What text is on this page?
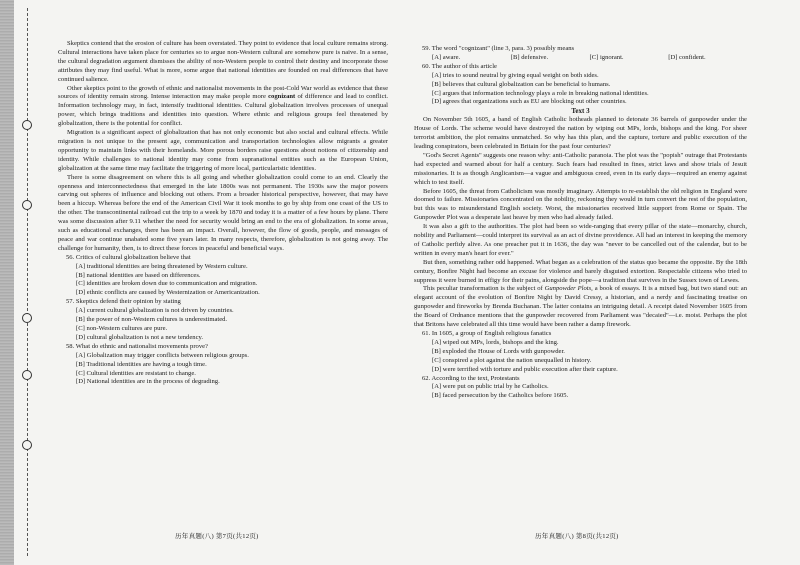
Skeptics contend that the erosion of culture has been overstated. They point to evidence that local culture remains strong. Cultural interactions have taken place for centuries so to argue non-Western cultural are somehow pure is naive. In a sense, the cultural degradation argument dismisses the ability of non-Western people to control their destiny and incorporate those attributes they may find useful. What is more, some argue that national identities are founded on real differences that have continued salience.

Other skeptics point to the growth of ethnic and nationalist movements in the post-Cold War world as evidence that these sources of identity remain strong. Intense interaction may make people more cognizant of difference and lead to conflict. Information technology may, in fact, intensify traditional identities. Cultural globalization involves processes of unequal power, which brings traditions and identities into question. Where ethnic and religious groups feel threatened by globalization, there is the potential for conflict.

Migration is a significant aspect of globalization that has not only economic but also social and cultural effects. While migration is not unique to the present age, communication and transportation technologies allow migrants a greater opportunity to maintain links with their homelands. More porous borders raise questions about notions of citizenship and identity. While challenges to national identity may come from supranational entities such as the European Union, globalization at the same time may facilitate the triggering of more local, particularistic identities.

There is some disagreement on where this is all going and whether globalization could come to an end. Clearly the openness and interconnectedness that emerged in the late 1800s was not permanent. The 1930s saw the major powers carving out spheres of influence and blocking out others. From a broader historical perspective, however, that may have been a hiccup. Whereas before the end of the American Civil War it took months to go by ship from one coast of the US to the other. The transcontinental railroad cut the trip to a week by 1870 and today it is a matter of a few hours by plane. There was some discussion after 9.11 whether the need for security would bring an end to the era of globalization. In some areas, such as educational exchanges, there has been an impact. Overall, however, the flow of goods, people, and messages of peace and war continue unabated some five years later. In many respects, therefore, globalization is not going away. The challenge for humanity, then, is to direct these forces in peaceful and beneficial ways.

56. Critics of cultural globalization believe that

[A] traditional identities are being threatened by Western culture.

[B] national identities are based on differences.

[C] identities are broken down due to communication and migration.

[D] ethnic conflicts are caused by Westernization or Americanization.

57. Skeptics defend their opinion by stating

[A] current cultural globalization is not driven by countries.

[B] the power of non-Western cultures is underestimated.

[C] non-Western cultures are pure.

[D] cultural globalization is not a new tendency.

58. What do ethnic and nationalist movements prove?

[A] Globalization may trigger conflicts between religious groups.

[B] Traditional identities are having a tough time.

[C] Cultural identities are resistant to change.

[D] National identities are in the process of degrading.

59. The word "cognizant" (line 3, para. 3) possibly means

[A] aware.	[B] defensive.	[C] ignorant.	[D] confident.

60. The author of this article

[A] tries to sound neutral by giving equal weight on both sides.

[B] believes that cultural globalization can be beneficial to humans.

[C] argues that information technology plays a role in breaking national identities.

[D] agrees that organizations such as EU are blocking out other countries.

Text 3

On November 5th 1605, a band of English Catholic hotheads planned to detonate 36 barrels of gunpowder under the House of Lords. The scheme would have destroyed the nation by wiping out MPs, lords, bishops and the king. For sheer terrorist ambition, the plot remains unmatched. So why has this plan, and the capture, torture and public execution of the leading conspirators, been celebrated in Britain for the past four centuries?

"God's Secret Agents" suggests one reason why: anti-Catholic paranoia. The plot was the "popish" outrage that Protestants had expected and warned about for half a century. Such fears had resulted in fines, strict laws and show trials of Jesuit missionaries. It is as though Anglicanism—a vague and ambiguous creed, even in its early days—required an enemy against which to test itself.

Before 1605, the threat from Catholicism was mostly imaginary. Attempts to re-establish the old religion in England were doomed to failure. Missionaries concentrated on the nobility, reckoning they would in turn convert the rest of the population, but this was to misunderstand English society. Worst, the missionaries received little support from Rome or Spain. The Gunpowder Plot was a desperate last heave by men who had already failed.

It was also a gift to the authorities. The plot had been so wide-ranging that every pillar of the state—monarchy, church, nobility and Parliament—could interpret its survival as an act of divine providence. All had an interest in keeping the memory of Catholic perfidy alive. As one preacher put it in 1636, the day was "never to be cancelled out of the calendar, but to be written in every man's heart for ever."

But then, something rather odd happened. What began as a celebration of the status quo became the opposite. By the 18th century, Bonfire Night had become an excuse for violence and barely disguised extortion. Respectable citizens who tried to suppress it were burned in effigy for their pains, alongside the pope—a tradition that survives in the Sussex town of Lewes.

This peculiar transformation is the subject of Gunpowder Plots, a book of essays. It is a mixed bag, but two stand out: an elegant account of the evolution of Bonfire Night by David Cressy, a historian, and a nerdy and fascinating treatise on gunpowder and fireworks by Brenda Buchanan. The latter contains an intriguing detail. A receipt dated November 1605 from the Board of Ordnance mentions that the gunpowder recovered from Parliament was "decaied"—i.e. moist. Perhaps the plot that Britons have celebrated all this time would have been rather a damp firework.

61. In 1605, a group of English religious fanatics

[A] wiped out MPs, lords, bishops and the king.

[B] exploded the House of Lords with gunpowder.

[C] conspired a plot against the nation unequalled in history.

[D] were terrified with torture and public execution after their capture.

62. According to the text, Protestants

[A] were put on public trial by he Catholics.

[B] faced persecution by the Catholics before 1605.

历年真题(八) 第7页(共12页)	历年真题(八) 第8页(共12页)
